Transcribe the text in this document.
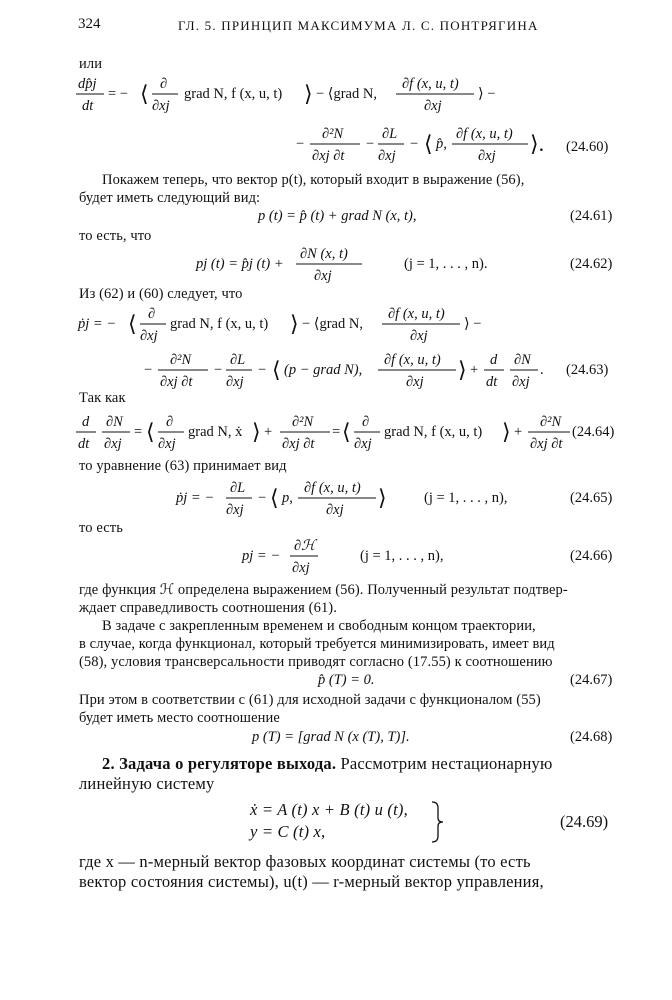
324	ГЛ. 5. ПРИНЦИП МАКСИМУМА Л. С. ПОНТРЯГИНА
или
dp̂j
dt
= − ⟨ ∂
∂xj
grad N, f (x, u, t) ⟩ − ⟨grad N,
∂f (x, u, t)
∂xj
⟩ −
−
∂²N
∂xj ∂t
−
∂L
∂xj
− ⟨ p̂,
∂f (x, u, t)
∂xj ⟩. (24.60)
Покажем теперь, что вектор p(t), который входит в выражение (56),
будет иметь следующий вид:
p (t) = p̂ (t) + grad N (x, t),	(24.61)
то есть, что
pj (t) = p̂j (t) +
∂N (x, t)
∂xj
(j = 1, . . . , n).	(24.62)
Из (62) и (60) следует, что
ṗj = − ⟨ ∂
∂xj
grad N, f (x, u, t) ⟩ − ⟨grad N,
∂f (x, u, t)
∂xj
⟩ −
−
∂²N
∂xj ∂t
−
∂L
∂xj
− ⟨ (p − grad N),
∂f (x, u, t)
∂xj ⟩ +
d
dt
∂N
∂xj
. (24.63)
Так как
d
dt
∂N
∂xj
= ⟨ ∂
∂xj
grad N, ẋ ⟩ +
∂²N
∂xj ∂t
= ⟨ ∂
∂xj
grad N, f (x, u, t) ⟩ +
∂²N
∂xj ∂t
(24.64)
то уравнение (63) принимает вид
ṗj = −
∂L
∂xj
− ⟨ p,
∂f (x, u, t)
∂xj ⟩	(j = 1, . . . , n),	(24.65)
то есть
pj = −
∂ℋ
∂xj
(j = 1, . . . , n),	(24.66)
где функция ℋ определена выражением (56). Полученный результат подтвер-
ждает справедливость соотношения (61).
В задаче с закрепленным временем и свободным концом траектории,
в случае, когда функционал, который требуется минимизировать, имеет вид
(58), условия трансверсальности приводят согласно (17.55) к соотношению
p̂ (T) = 0.	(24.67)
При этом в соответствии с (61) для исходной задачи с функционалом (55)
будет иметь место соотношение
p (T) = [grad N (x (T), T)].	(24.68)
2. Задача о регуляторе выхода. Рассмотрим нестационарную
линейную систему
ẋ = A (t) x + B (t) u (t),
y = C (t) x,
(24.69)
где x — n-мерный вектор фазовых координат системы (то есть
вектор состояния системы), u(t) — r-мерный вектор управления,
